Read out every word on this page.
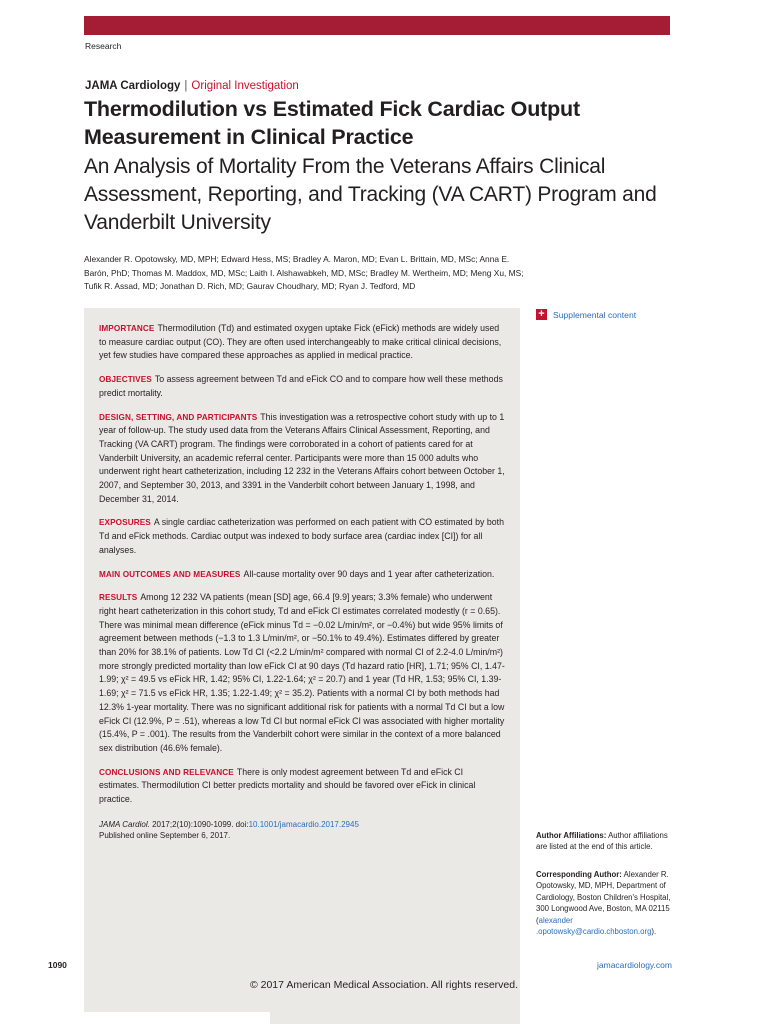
Research
JAMA Cardiology | Original Investigation
Thermodilution vs Estimated Fick Cardiac Output Measurement in Clinical Practice
An Analysis of Mortality From the Veterans Affairs Clinical Assessment, Reporting, and Tracking (VA CART) Program and Vanderbilt University
Alexander R. Opotowsky, MD, MPH; Edward Hess, MS; Bradley A. Maron, MD; Evan L. Brittain, MD, MSc; Anna E. Barón, PhD; Thomas M. Maddox, MD, MSc; Laith I. Alshawabkeh, MD, MSc; Bradley M. Wertheim, MD; Meng Xu, MS; Tufik R. Assad, MD; Jonathan D. Rich, MD; Gaurav Choudhary, MD; Ryan J. Tedford, MD

IMPORTANCE Thermodilution (Td) and estimated oxygen uptake Fick (eFick) methods are widely used to measure cardiac output (CO). They are often used interchangeably to make critical clinical decisions, yet few studies have compared these approaches as applied in medical practice.

OBJECTIVES To assess agreement between Td and eFick CO and to compare how well these methods predict mortality.

DESIGN, SETTING, AND PARTICIPANTS This investigation was a retrospective cohort study with up to 1 year of follow-up. The study used data from the Veterans Affairs Clinical Assessment, Reporting, and Tracking (VA CART) program. The findings were corroborated in a cohort of patients cared for at Vanderbilt University, an academic referral center. Participants were more than 15 000 adults who underwent right heart catheterization, including 12 232 in the Veterans Affairs cohort between October 1, 2007, and September 30, 2013, and 3391 in the Vanderbilt cohort between January 1, 1998, and December 31, 2014.

EXPOSURES A single cardiac catheterization was performed on each patient with CO estimated by both Td and eFick methods. Cardiac output was indexed to body surface area (cardiac index [CI]) for all analyses.

MAIN OUTCOMES AND MEASURES All-cause mortality over 90 days and 1 year after catheterization.

RESULTS Among 12 232 VA patients (mean [SD] age, 66.4 [9.9] years; 3.3% female) who underwent right heart catheterization in this cohort study, Td and eFick CI estimates correlated modestly (r = 0.65). There was minimal mean difference (eFick minus Td = −0.02 L/min/m², or −0.4%) but wide 95% limits of agreement between methods (−1.3 to 1.3 L/min/m², or −50.1% to 49.4%). Estimates differed by greater than 20% for 38.1% of patients. Low Td CI (<2.2 L/min/m² compared with normal CI of 2.2-4.0 L/min/m²) more strongly predicted mortality than low eFick CI at 90 days (Td hazard ratio [HR], 1.71; 95% CI, 1.47-1.99; χ² = 49.5 vs eFick HR, 1.42; 95% CI, 1.22-1.64; χ² = 20.7) and 1 year (Td HR, 1.53; 95% CI, 1.39-1.69; χ² = 71.5 vs eFick HR, 1.35; 1.22-1.49; χ² = 35.2). Patients with a normal CI by both methods had 12.3% 1-year mortality. There was no significant additional risk for patients with a normal Td CI but a low eFick CI (12.9%, P = .51), whereas a low Td CI but normal eFick CI was associated with higher mortality (15.4%, P = .001). The results from the Vanderbilt cohort were similar in the context of a more balanced sex distribution (46.6% female).

CONCLUSIONS AND RELEVANCE There is only modest agreement between Td and eFick CI estimates. Thermodilution CI better predicts mortality and should be favored over eFick in clinical practice.

JAMA Cardiol. 2017;2(10):1090-1099. doi:10.1001/jamacardio.2017.2945
Published online September 6, 2017.
+ Supplemental content
Author Affiliations: Author affiliations are listed at the end of this article.
Corresponding Author: Alexander R. Opotowsky, MD, MPH, Department of Cardiology, Boston Children's Hospital, 300 Longwood Ave, Boston, MA 02115 (alexander .opotowsky@cardio.chboston.org).
1090	jamacardiology.com
© 2017 American Medical Association. All rights reserved.
